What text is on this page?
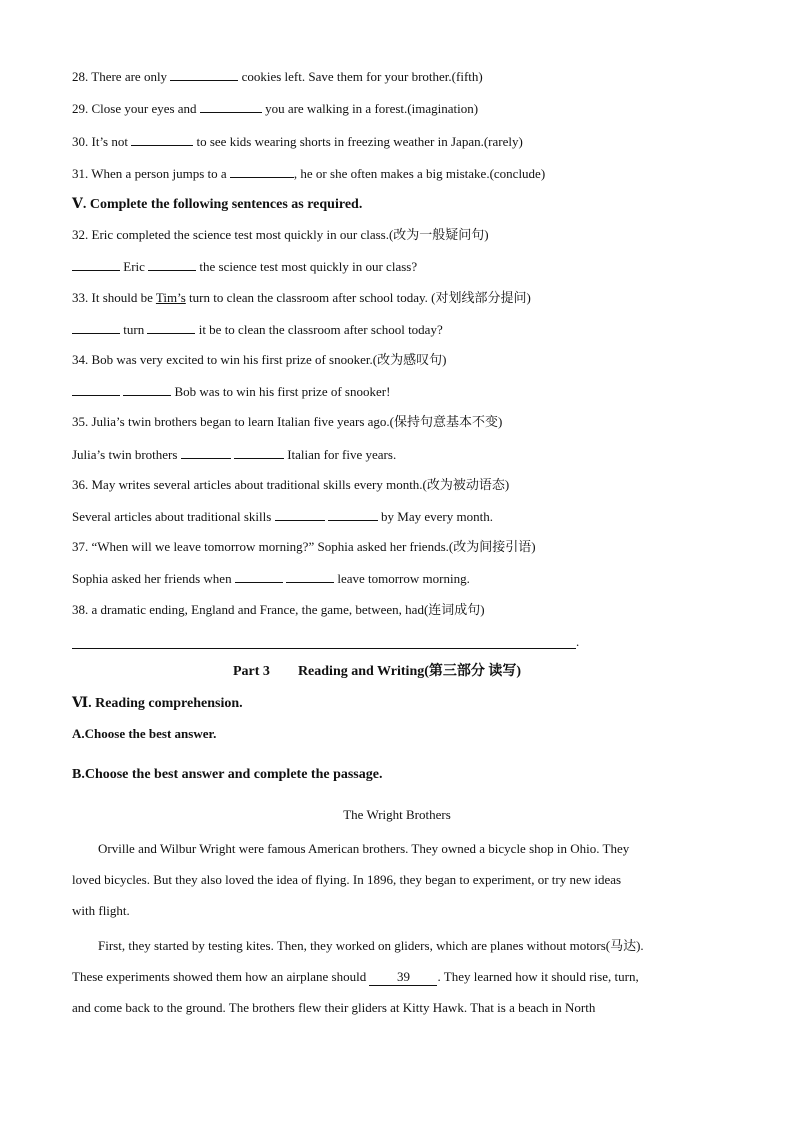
28. There are only	cookies left. Save them for your brother.(fifth)
29. Close your eyes and	you are walking in a forest.(imagination)
30. It’s not	to see kids wearing shorts in freezing weather in Japan.(rarely)
31. When a person jumps to a	, he or she often makes a big mistake.(conclude)
Ⅴ. Complete the following sentences as required.
32. Eric completed the science test most quickly in our class.(改为一般疑问句)
Eric	the science test most quickly in our class?
33. It should be Tim’s turn to clean the classroom after school today. (对划线部分提问)
turn	it be to clean the classroom after school today?
34. Bob was very excited to win his first prize of snooker.(改为感叹句)
Bob was to win his first prize of snooker!
35. Julia’s twin brothers began to learn Italian five years ago.(保持句意基本不变)
Julia’s twin brothers	Italian for five years.
36. May writes several articles about traditional skills every month.(改为被动语态)
Several articles about traditional skills	by May every month.
37. “When will we leave tomorrow morning?” Sophia asked her friends.(改为间接引语)
Sophia asked her friends when	leave tomorrow morning.
38. a dramatic ending, England and France, the game, between, had(连词成句)
.
Part 3 Reading and Writing(第三部分 读写)
Ⅵ. Reading comprehension.
A.Choose the best answer.
B.Choose the best answer and complete the passage.
The Wright Brothers
Orville and Wilbur Wright were famous American brothers. They owned a bicycle shop in Ohio. They
loved bicycles. But they also loved the idea of flying. In 1896, they began to experiment, or try new ideas
with flight.
First, they started by testing kites. Then, they worked on gliders, which are planes without motors(马达).
These experiments showed them how an airplane should 39 . They learned how it should rise, turn,
and come back to the ground. The brothers flew their gliders at Kitty Hawk. That is a beach in North
